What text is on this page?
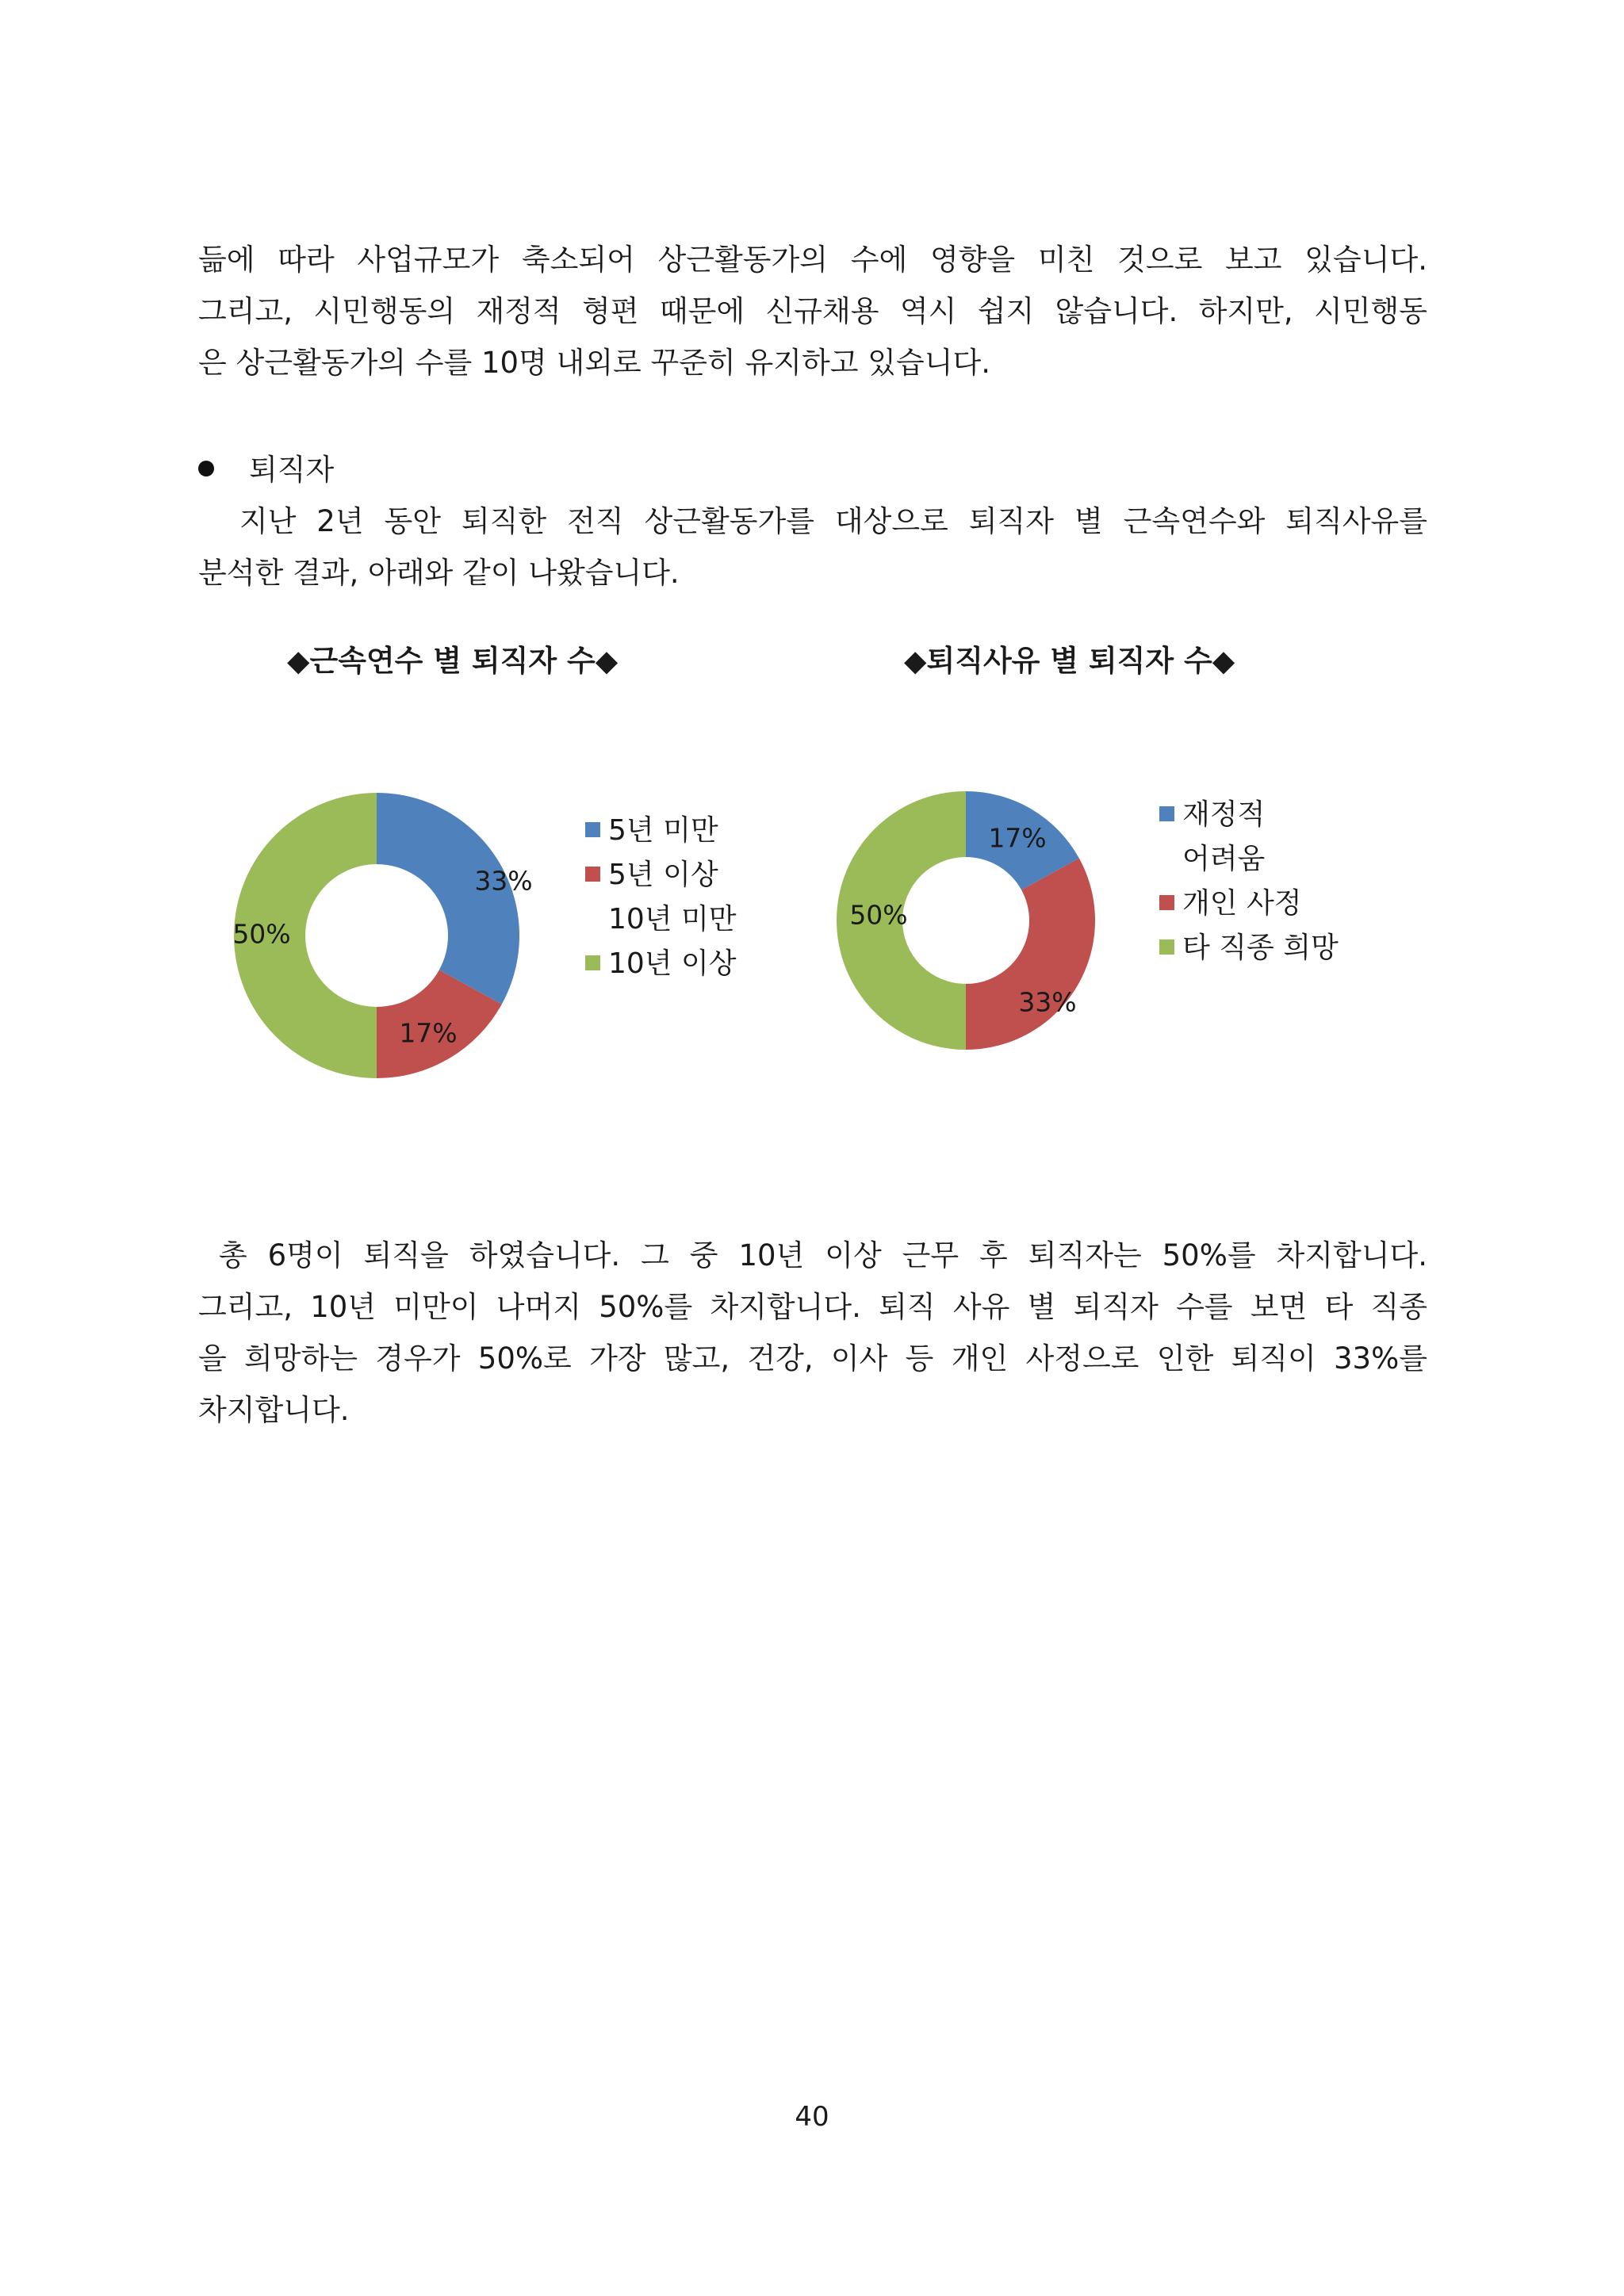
듦에 따라 사업규모가 축소되어 상근활동가의 수에 영향을 미친 것으로 보고 있습니다.
그리고, 시민행동의 재정적 형편 때문에 신규채용 역시 쉽지 않습니다. 하지만, 시민행동
은 상근활동가의 수를 10명 내외로 꾸준히 유지하고 있습니다.
퇴직자
지난 2년 동안 퇴직한 전직 상근활동가를 대상으로 퇴직자 별 근속연수와 퇴직사유를
분석한 결과, 아래와 같이 나왔습니다.
◆근속연수 별 퇴직자 수◆
33%
17%
50%
5년 미만
5년 이상
10년 미만
10년 이상
◆퇴직사유 별 퇴직자 수◆
17%
33%
50%
재정적
어려움
개인 사정
타 직종 희망
총 6명이 퇴직을 하였습니다. 그 중 10년 이상 근무 후 퇴직자는 50%를 차지합니다.
그리고, 10년 미만이 나머지 50%를 차지합니다. 퇴직 사유 별 퇴직자 수를 보면 타 직종
을 희망하는 경우가 50%로 가장 많고, 건강, 이사 등 개인 사정으로 인한 퇴직이 33%를
차지합니다.
40
